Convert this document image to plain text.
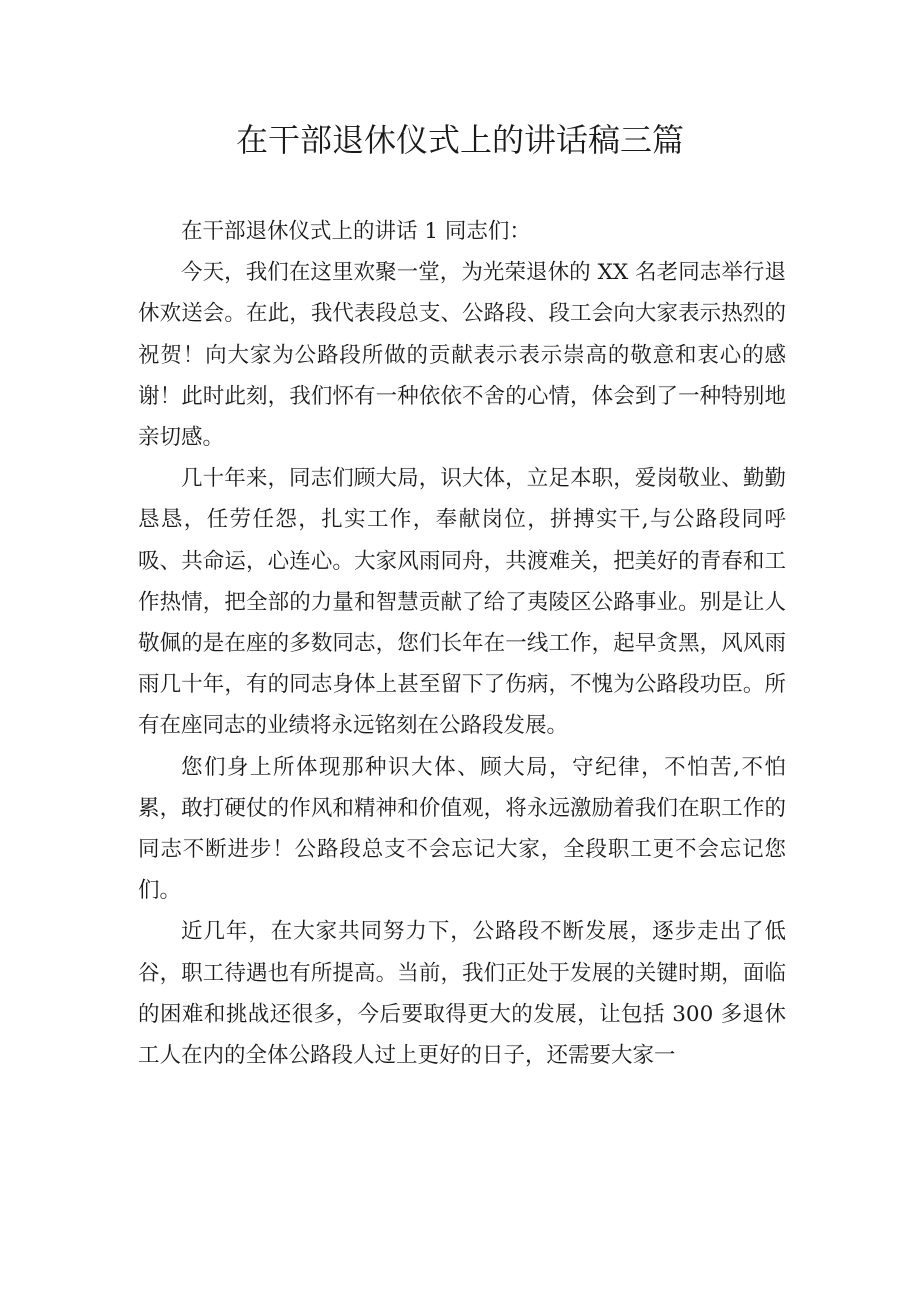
在干部退休仪式上的讲话稿三篇

在干部退休仪式上的讲话 1 同志们：

今天，我们在这里欢聚一堂，为光荣退休的 XX 名老同志举行退休欢送会。在此，我代表段总支、公路段、段工会向大家表示热烈的祝贺！向大家为公路段所做的贡献表示表示崇高的敬意和衷心的感谢！此时此刻，我们怀有一种依依不舍的心情，体会到了一种特别地亲切感。

几十年来，同志们顾大局，识大体，立足本职，爱岗敬业、勤勤恳恳，任劳任怨，扎实工作，奉献岗位，拼搏实干,与公路段同呼吸、共命运，心连心。大家风雨同舟，共渡难关，把美好的青春和工作热情，把全部的力量和智慧贡献了给了夷陵区公路事业。别是让人敬佩的是在座的多数同志，您们长年在一线工作，起早贪黑，风风雨雨几十年，有的同志身体上甚至留下了伤病，不愧为公路段功臣。所有在座同志的业绩将永远铭刻在公路段发展。

您们身上所体现那种识大体、顾大局，守纪律，不怕苦,不怕累，敢打硬仗的作风和精神和价值观，将永远激励着我们在职工作的同志不断进步！公路段总支不会忘记大家，全段职工更不会忘记您们。

近几年，在大家共同努力下，公路段不断发展，逐步走出了低谷，职工待遇也有所提高。当前，我们正处于发展的关键时期，面临的困难和挑战还很多，今后要取得更大的发展，让包括 300 多退休工人在内的全体公路段人过上更好的日子，还需要大家一
